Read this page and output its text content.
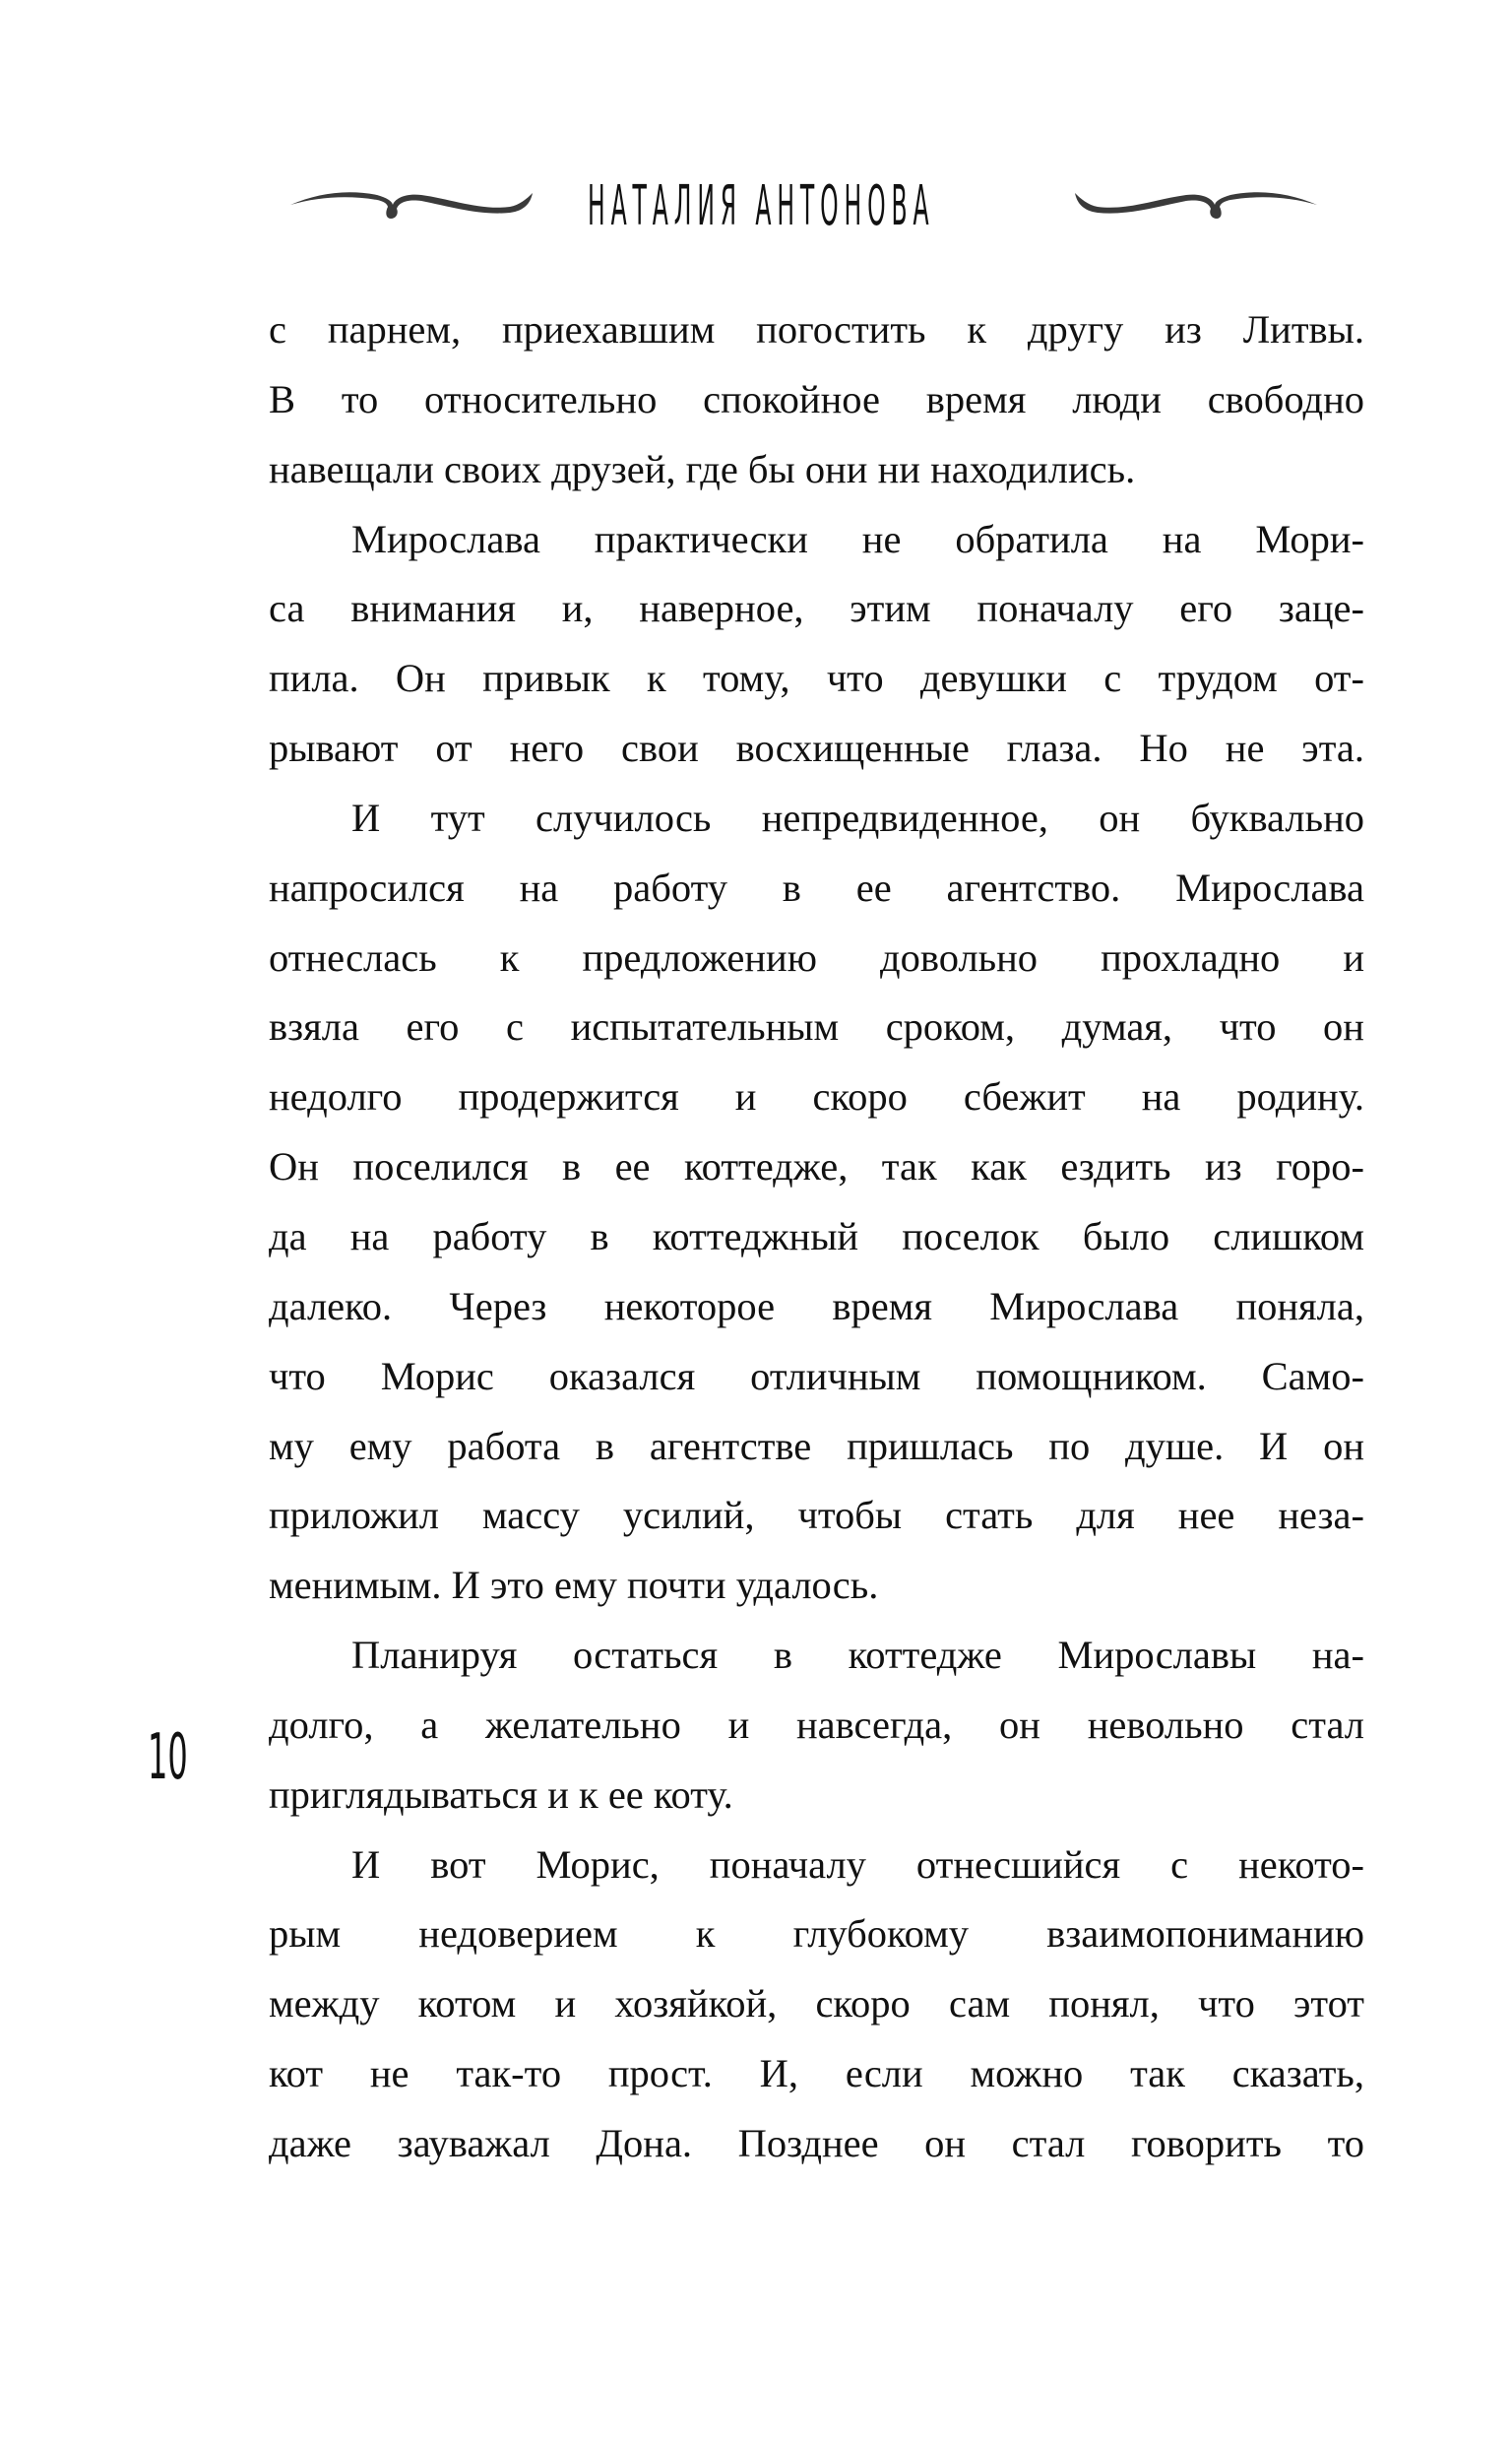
НАТАЛИЯ АНТОНОВА
с парнем, приехавшим погостить к другу из Литвы.
В то относительно спокойное время люди свободно
навещали своих друзей, где бы они ни находились.
Мирослава практически не обратила на Мори-
са внимания и, наверное, этим поначалу его заце-
пила. Он привык к тому, что девушки с трудом от-
рывают от него свои восхищенные глаза. Но не эта.
И тут случилось непредвиденное, он буквально
напросился на работу в ее агентство. Мирослава
отнеслась к предложению довольно прохладно и
взяла его с испытательным сроком, думая, что он
недолго продержится и скоро сбежит на родину.
Он поселился в ее коттедже, так как ездить из горо-
да на работу в коттеджный поселок было слишком
далеко. Через некоторое время Мирослава поняла,
что Морис оказался отличным помощником. Само-
му ему работа в агентстве пришлась по душе. И он
приложил массу усилий, чтобы стать для нее неза-
менимым. И это ему почти удалось.
Планируя остаться в коттедже Мирославы на-
долго, а желательно и навсегда, он невольно стал
приглядываться и к ее коту.
И вот Морис, поначалу отнесшийся с некото-
рым недоверием к глубокому взаимопониманию
между котом и хозяйкой, скоро сам понял, что этот
кот не так-то прост. И, если можно так сказать,
даже зауважал Дона. Позднее он стал говорить то
10
